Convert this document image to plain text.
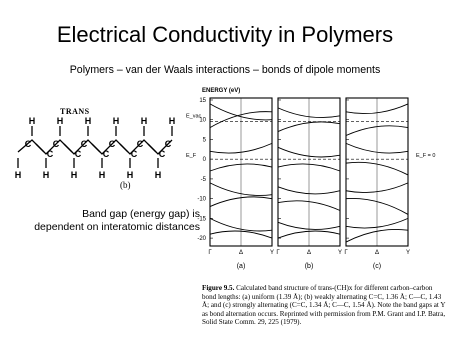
Electrical Conductivity in Polymers
Polymers – van der Waals interactions – bonds of dipole moments
TRANS
H H H H H H
H H H H H
H
C
C
C
C
C
C
C
C
C
C
C
(b)
Band gap (energy gap) is
dependent on interatomic distances
ENERGY (eV)
Γ	Δ	Y
(a)
Γ	Δ	Y
(b)
Γ	Δ	Y
(c)
15
10
5
0
-5
-10
-15
-20
E_vac
E_F	E_F = 0
Figure 9.5. Calculated band structure of trans-(CH)x for different carbon–carbon bond lengths: (a) uniform (1.39 Å); (b) weakly alternating C=C, 1.36 Å; C—C, 1.43 Å; and (c) strongly alternating (C=C, 1.34 Å; C—C, 1.54 Å). Note the band gaps at Y as bond alternation occurs. Reprinted with permission from P.M. Grant and I.P. Batra, Solid State Comm. 29, 225 (1979).
